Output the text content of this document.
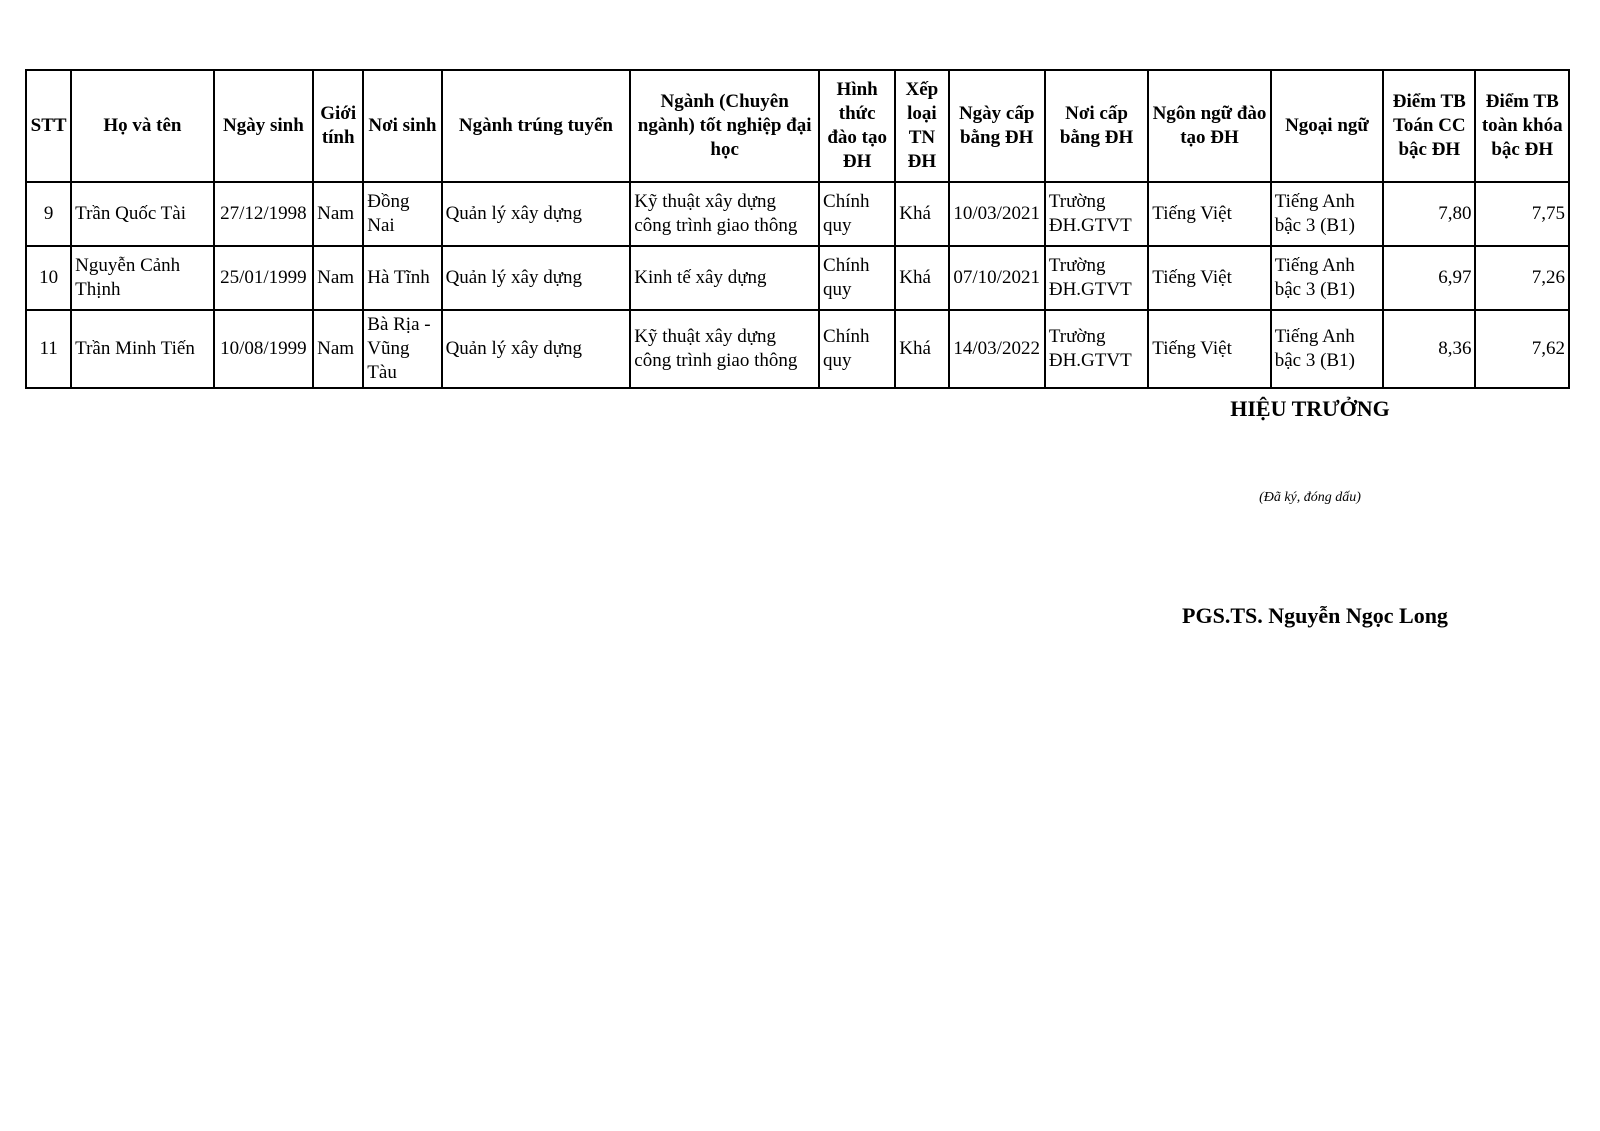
STT	Họ và tên	Ngày sinh	Giới tính	Nơi sinh	Ngành trúng tuyển	Ngành (Chuyên ngành) tốt nghiệp đại học	Hình thức đào tạo ĐH	Xếp loại TN ĐH	Ngày cấp bằng ĐH	Nơi cấp bằng ĐH	Ngôn ngữ đào tạo ĐH	Ngoại ngữ	Điểm TB Toán CC bậc ĐH	Điểm TB toàn khóa bậc ĐH
9	Trần Quốc Tài	27/12/1998	Nam	Đồng Nai	Quản lý xây dựng	Kỹ thuật xây dựng công trình giao thông	Chính quy	Khá	10/03/2021	Trường ĐH.GTVT	Tiếng Việt	Tiếng Anh bậc 3 (B1)	7,80	7,75
10	Nguyễn Cảnh Thịnh	25/01/1999	Nam	Hà Tĩnh	Quản lý xây dựng	Kinh tế xây dựng	Chính quy	Khá	07/10/2021	Trường ĐH.GTVT	Tiếng Việt	Tiếng Anh bậc 3 (B1)	6,97	7,26
11	Trần Minh Tiến	10/08/1999	Nam	Bà Rịa - Vũng Tàu	Quản lý xây dựng	Kỹ thuật xây dựng công trình giao thông	Chính quy	Khá	14/03/2022	Trường ĐH.GTVT	Tiếng Việt	Tiếng Anh bậc 3 (B1)	8,36	7,62
HIỆU TRƯỞNG
(Đã ký, đóng dấu)
PGS.TS. Nguyễn Ngọc Long
